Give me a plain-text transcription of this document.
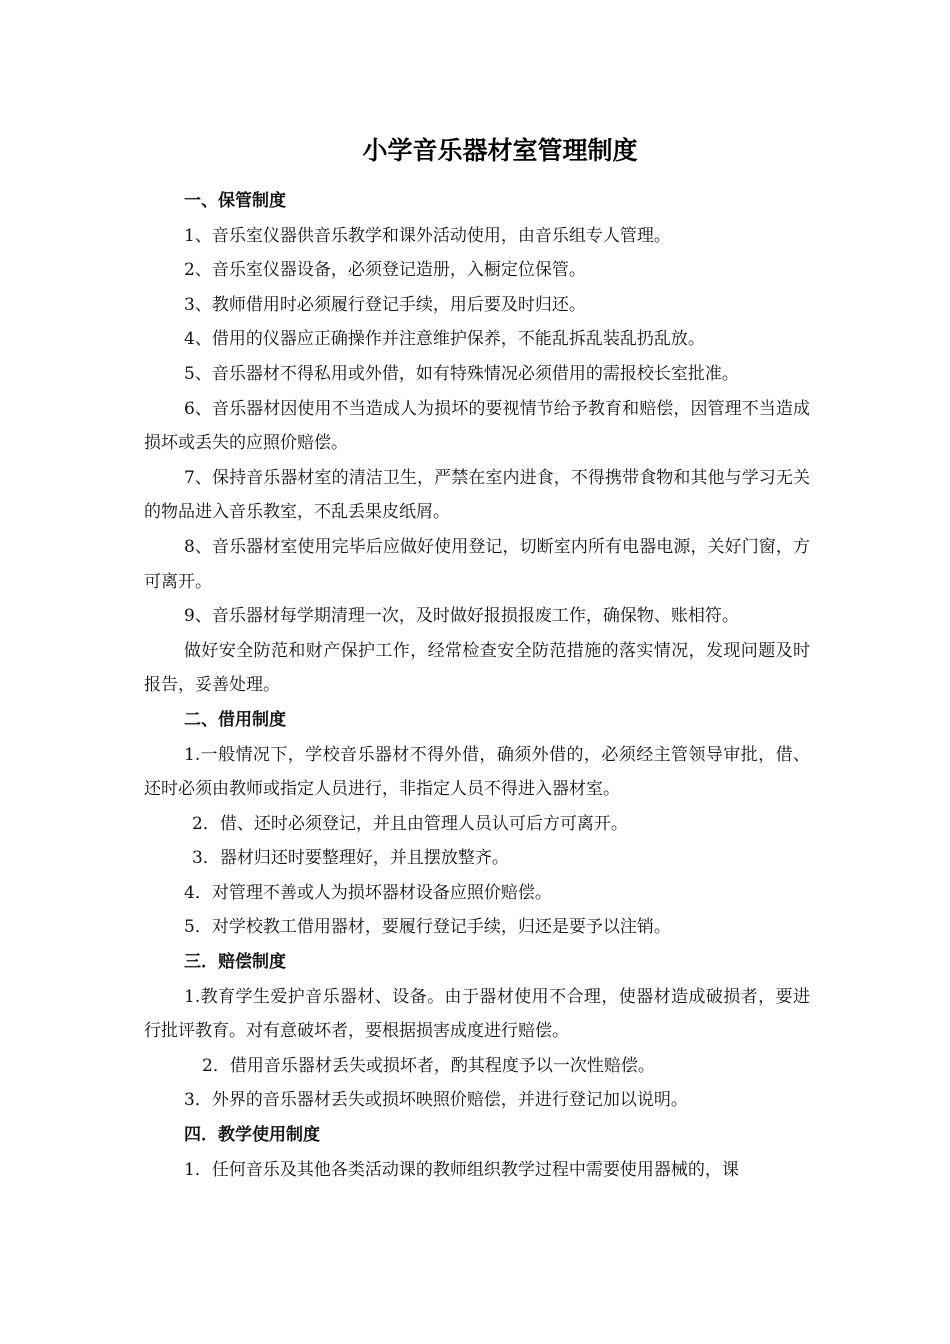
小学音乐器材室管理制度

一、保管制度

1、音乐室仪器供音乐教学和课外活动使用，由音乐组专人管理。

2、音乐室仪器设备，必须登记造册，入橱定位保管。

3、教师借用时必须履行登记手续，用后要及时归还。

4、借用的仪器应正确操作并注意维护保养，不能乱拆乱装乱扔乱放。

5、音乐器材不得私用或外借，如有特殊情况必须借用的需报校长室批准。

6、音乐器材因使用不当造成人为损坏的要视情节给予教育和赔偿，因管理不当造成损坏或丢失的应照价赔偿。

7、保持音乐器材室的清洁卫生，严禁在室内进食，不得携带食物和其他与学习无关的物品进入音乐教室，不乱丢果皮纸屑。

8、音乐器材室使用完毕后应做好使用登记，切断室内所有电器电源，关好门窗，方可离开。

9、音乐器材每学期清理一次，及时做好报损报废工作，确保物、账相符。

做好安全防范和财产保护工作，经常检查安全防范措施的落实情况，发现问题及时报告，妥善处理。

二、借用制度

1.一般情况下，学校音乐器材不得外借，确须外借的，必须经主管领导审批，借、还时必须由教师或指定人员进行，非指定人员不得进入器材室。

2．借、还时必须登记，并且由管理人员认可后方可离开。

3．器材归还时要整理好，并且摆放整齐。

4．对管理不善或人为损坏器材设备应照价赔偿。

5．对学校教工借用器材，要履行登记手续，归还是要予以注销。

三．赔偿制度

1.教育学生爱护音乐器材、设备。由于器材使用不合理，使器材造成破损者，要进行批评教育。对有意破坏者，要根据损害成度进行赔偿。

2．借用音乐器材丢失或损坏者，酌其程度予以一次性赔偿。

3．外界的音乐器材丢失或损坏映照价赔偿，并进行登记加以说明。

四．教学使用制度

1．任何音乐及其他各类活动课的教师组织教学过程中需要使用器械的，课
